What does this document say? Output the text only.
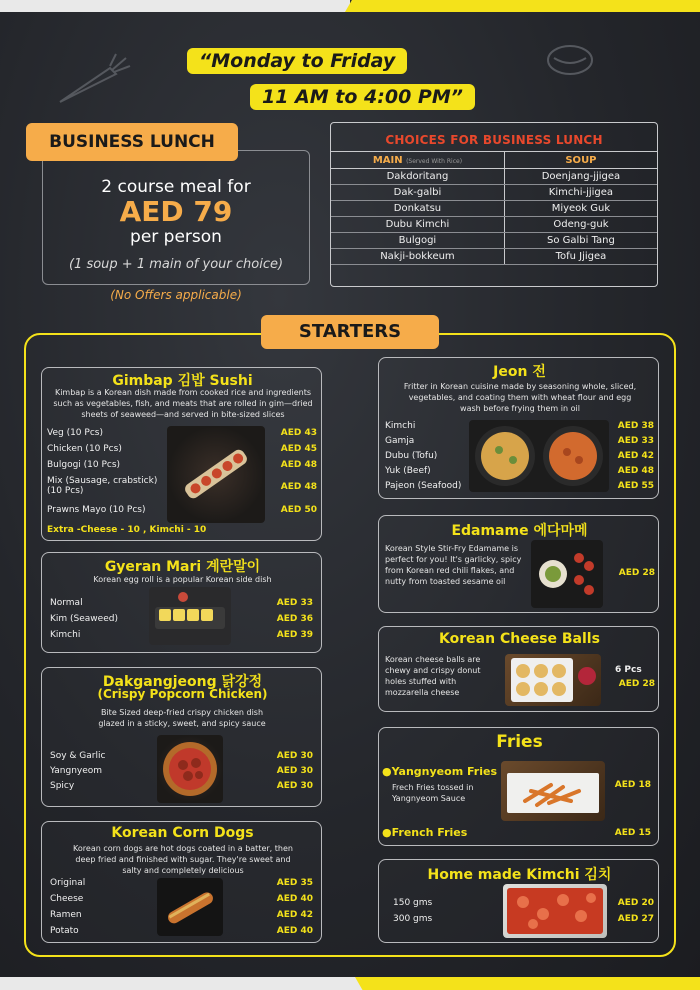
“Monday to Friday
11 AM to 4:00 PM”
2 course meal for
AED 79
per person
(1 soup + 1 main of your choice)
BUSINESS LUNCH
(No Offers applicable)
CHOICES FOR BUSINESS LUNCH
MAIN (Served With Rice)	SOUP
Dakdoritang	Doenjang-jjigea
Dak-galbi	Kimchi-jjigea
Donkatsu	Miyeok Guk
Dubu Kimchi	Odeng-guk
Bulgogi	So Galbi Tang
Nakji-bokkeum	Tofu Jjigea
STARTERS
Gimbap 김밥 Sushi
Kimbap is a Korean dish made from cooked rice and ingredients such as vegetables, fish, and meats that are rolled in gim—dried sheets of seaweed—and served in bite-sized slices
Veg (10 Pcs)	AED 43
Chicken (10 Pcs)	AED 45
Bulgogi (10 Pcs)	AED 48
Mix (Sausage, crabstick) (10 Pcs)	AED 48
Prawns Mayo (10 Pcs)	AED 50
Extra -Cheese - 10 , Kimchi - 10
Gyeran Mari 계란말이
Korean egg roll is a popular Korean side dish
Normal	AED 33
Kim (Seaweed)	AED 36
Kimchi	AED 39
Dakgangjeong 닭강정
(Crispy Popcorn Chicken)
Bite Sized deep-fried crispy chicken dish glazed in a sticky, sweet, and spicy sauce
Soy & Garlic	AED 30
Yangnyeom	AED 30
Spicy	AED 30
Korean Corn Dogs
Korean corn dogs are hot dogs coated in a batter, then deep fried and finished with sugar. They're sweet and salty and completely delicious
Original	AED 35
Cheese	AED 40
Ramen	AED 42
Potato	AED 40
Jeon 전
Fritter in Korean cuisine made by seasoning whole, sliced, vegetables, and coating them with wheat flour and egg wash before frying them in oil
Kimchi	AED 38
Gamja	AED 33
Dubu (Tofu)	AED 42
Yuk (Beef)	AED 48
Pajeon (Seafood)	AED 55
Edamame 에다마메
Korean Style Stir-Fry Edamame is perfect for you! It's garlicky, spicy from Korean red chili flakes, and nutty from toasted sesame oil
AED 28
Korean Cheese Balls
Korean cheese balls are chewy and crispy donut holes stuffed with mozzarella cheese
6 Pcs
AED 28
Fries
●Yangnyeom Fries
Frech Fries tossed in Yangnyeom Sauce
AED 18
●French Fries	AED 15
Home made Kimchi 김치
150 gms	AED 20
300 gms	AED 27
